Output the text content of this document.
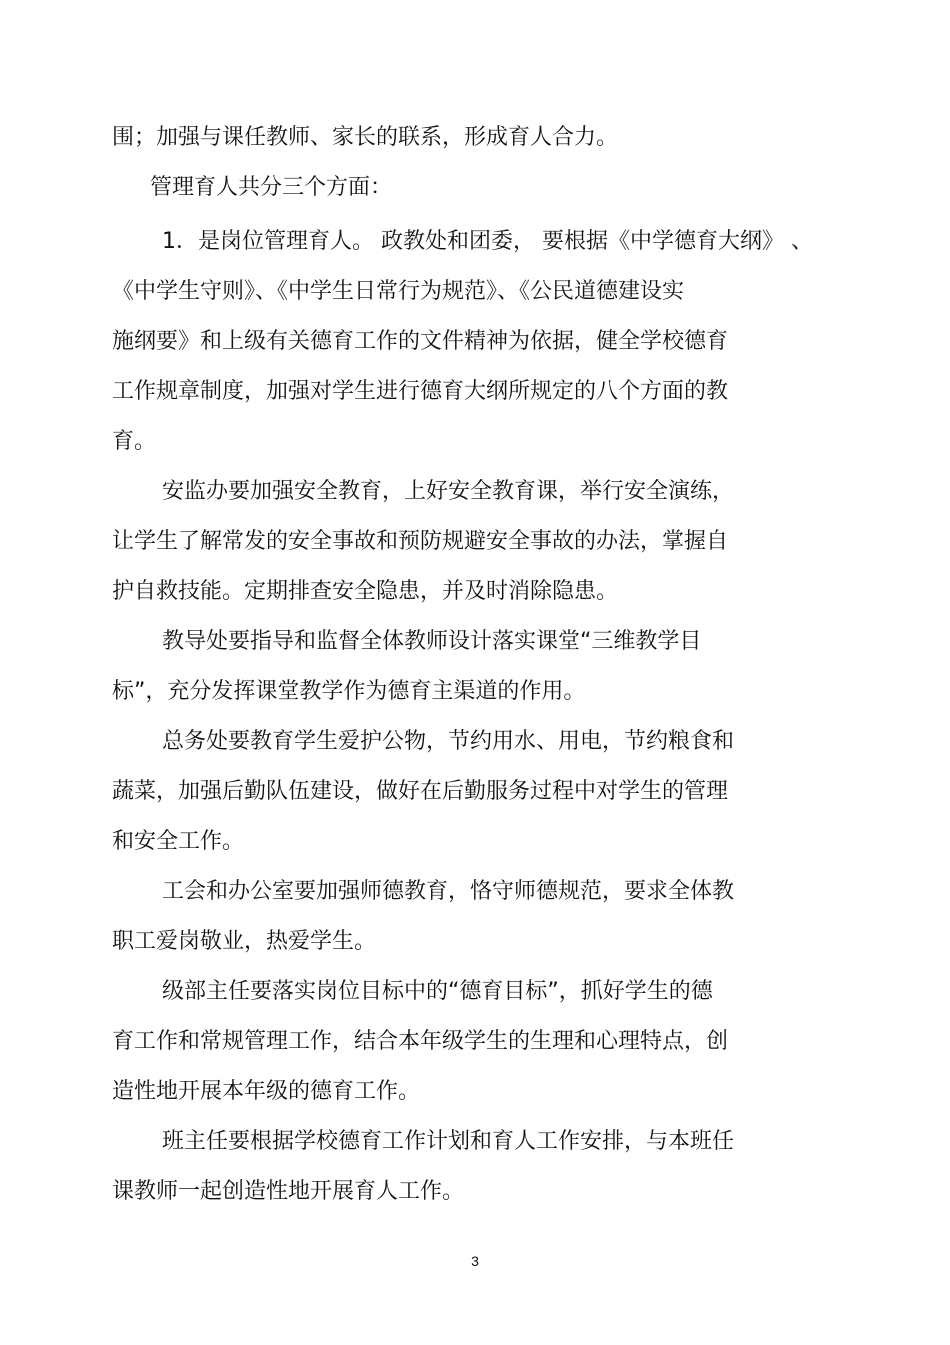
围；加强与课任教师、家长的联系，形成育人合力。
管理育人共分三个方面：
1．是岗位管理育人。 政教处和团委， 要根据《中学德育大纲》 、
《中学生守则》、《中学生日常行为规范》、《公民道德建设实
施纲要》和上级有关德育工作的文件精神为依据，健全学校德育
工作规章制度，加强对学生进行德育大纲所规定的八个方面的教
育。
安监办要加强安全教育，上好安全教育课，举行安全演练，
让学生了解常发的安全事故和预防规避安全事故的办法，掌握自
护自救技能。定期排查安全隐患，并及时消除隐患。
教导处要指导和监督全体教师设计落实课堂“三维教学目
标”，充分发挥课堂教学作为德育主渠道的作用。
总务处要教育学生爱护公物，节约用水、用电，节约粮食和
蔬菜，加强后勤队伍建设，做好在后勤服务过程中对学生的管理
和安全工作。
工会和办公室要加强师德教育，恪守师德规范，要求全体教
职工爱岗敬业，热爱学生。
级部主任要落实岗位目标中的“德育目标”，抓好学生的德
育工作和常规管理工作，结合本年级学生的生理和心理特点，创
造性地开展本年级的德育工作。
班主任要根据学校德育工作计划和育人工作安排，与本班任
课教师一起创造性地开展育人工作。
3
